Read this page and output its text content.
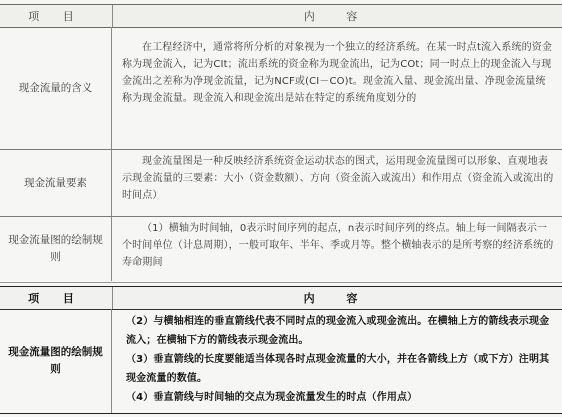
项 目	内 容
现金流量的含义
在工程经济中，通常将所分析的对象视为一个独立的经济系统。在某一时点t流入系统的资金称为现金流入，记为CIt；流出系统的资金称为现金流出，记为COt；同一时点上的现金流入与现金流出之差称为净现金流量，记为NCF或(CI－CO)t。现金流入量、现金流出量、净现金流量统称为现金流量。现金流入和现金流出是站在特定的系统角度划分的
现金流量要素
现金流量图是一种反映经济系统资金运动状态的图式，运用现金流量图可以形象、直观地表示现金流量的三要素：大小（资金数额）、方向（资金流入或流出）和作用点（资金流入或流出的时间点）
现金流量图的绘制规则
（1）横轴为时间轴，0表示时间序列的起点，n表示时间序列的终点。轴上每一间隔表示一个时间单位（计息周期），一般可取年、半年、季或月等。整个横轴表示的是所考察的经济系统的寿命期间
项 目	内 容
现金流量图的绘制规则

（2）与横轴相连的垂直箭线代表不同时点的现金流入或现金流出。在横轴上方的箭线表示现金流入；在横轴下方的箭线表示现金流出。

（3）垂直箭线的长度要能适当体现各时点现金流量的大小，并在各箭线上方（或下方）注明其现金流量的数值。

（4）垂直箭线与时间轴的交点为现金流量发生的时点（作用点）
